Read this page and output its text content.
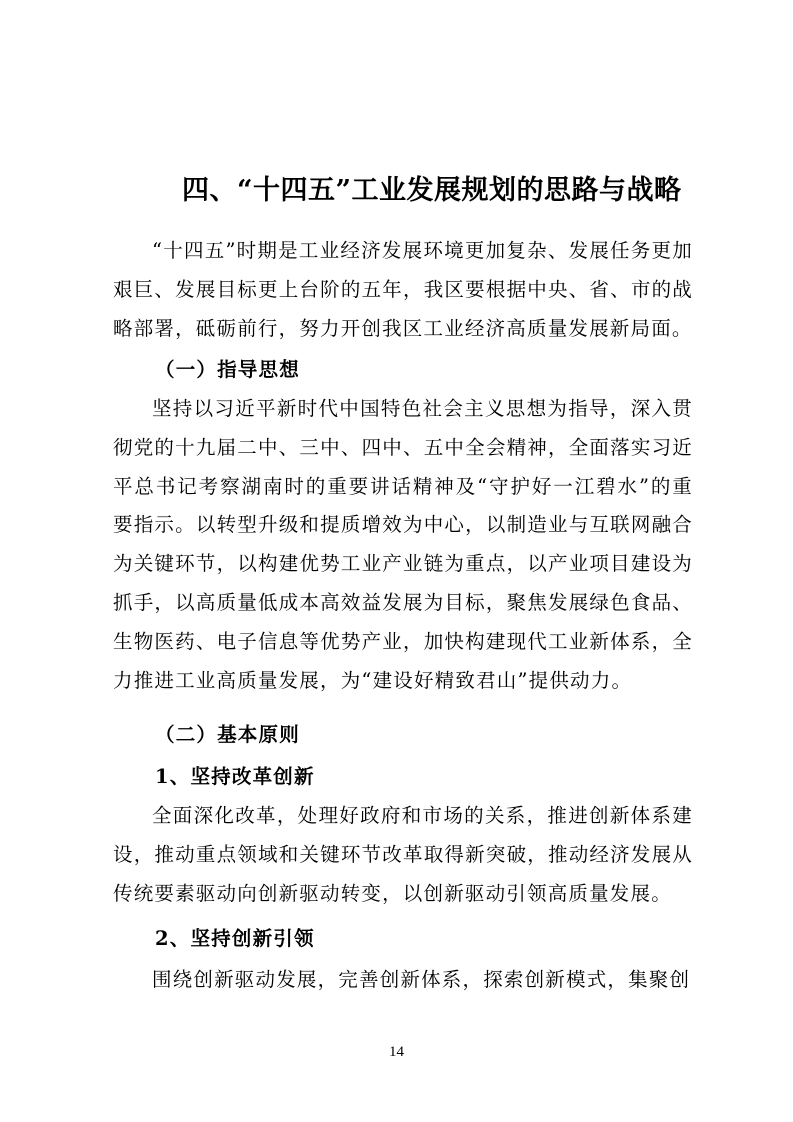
四、“十四五”工业发展规划的思路与战略

“十四五”时期是工业经济发展环境更加复杂、发展任务更加艰巨、发展目标更上台阶的五年，我区要根据中央、省、市的战略部署，砥砺前行，努力开创我区工业经济高质量发展新局面。

（一）指导思想

坚持以习近平新时代中国特色社会主义思想为指导，深入贯彻党的十九届二中、三中、四中、五中全会精神，全面落实习近平总书记考察湖南时的重要讲话精神及“守护好一江碧水”的重要指示。以转型升级和提质增效为中心，以制造业与互联网融合为关键环节，以构建优势工业产业链为重点，以产业项目建设为抓手，以高质量低成本高效益发展为目标，聚焦发展绿色食品、生物医药、电子信息等优势产业，加快构建现代工业新体系，全力推进工业高质量发展，为“建设好精致君山”提供动力。

（二）基本原则
1、坚持改革创新

全面深化改革，处理好政府和市场的关系，推进创新体系建设，推动重点领域和关键环节改革取得新突破，推动经济发展从传统要素驱动向创新驱动转变，以创新驱动引领高质量发展。

2、坚持创新引领

围绕创新驱动发展，完善创新体系，探索创新模式，集聚创

14
